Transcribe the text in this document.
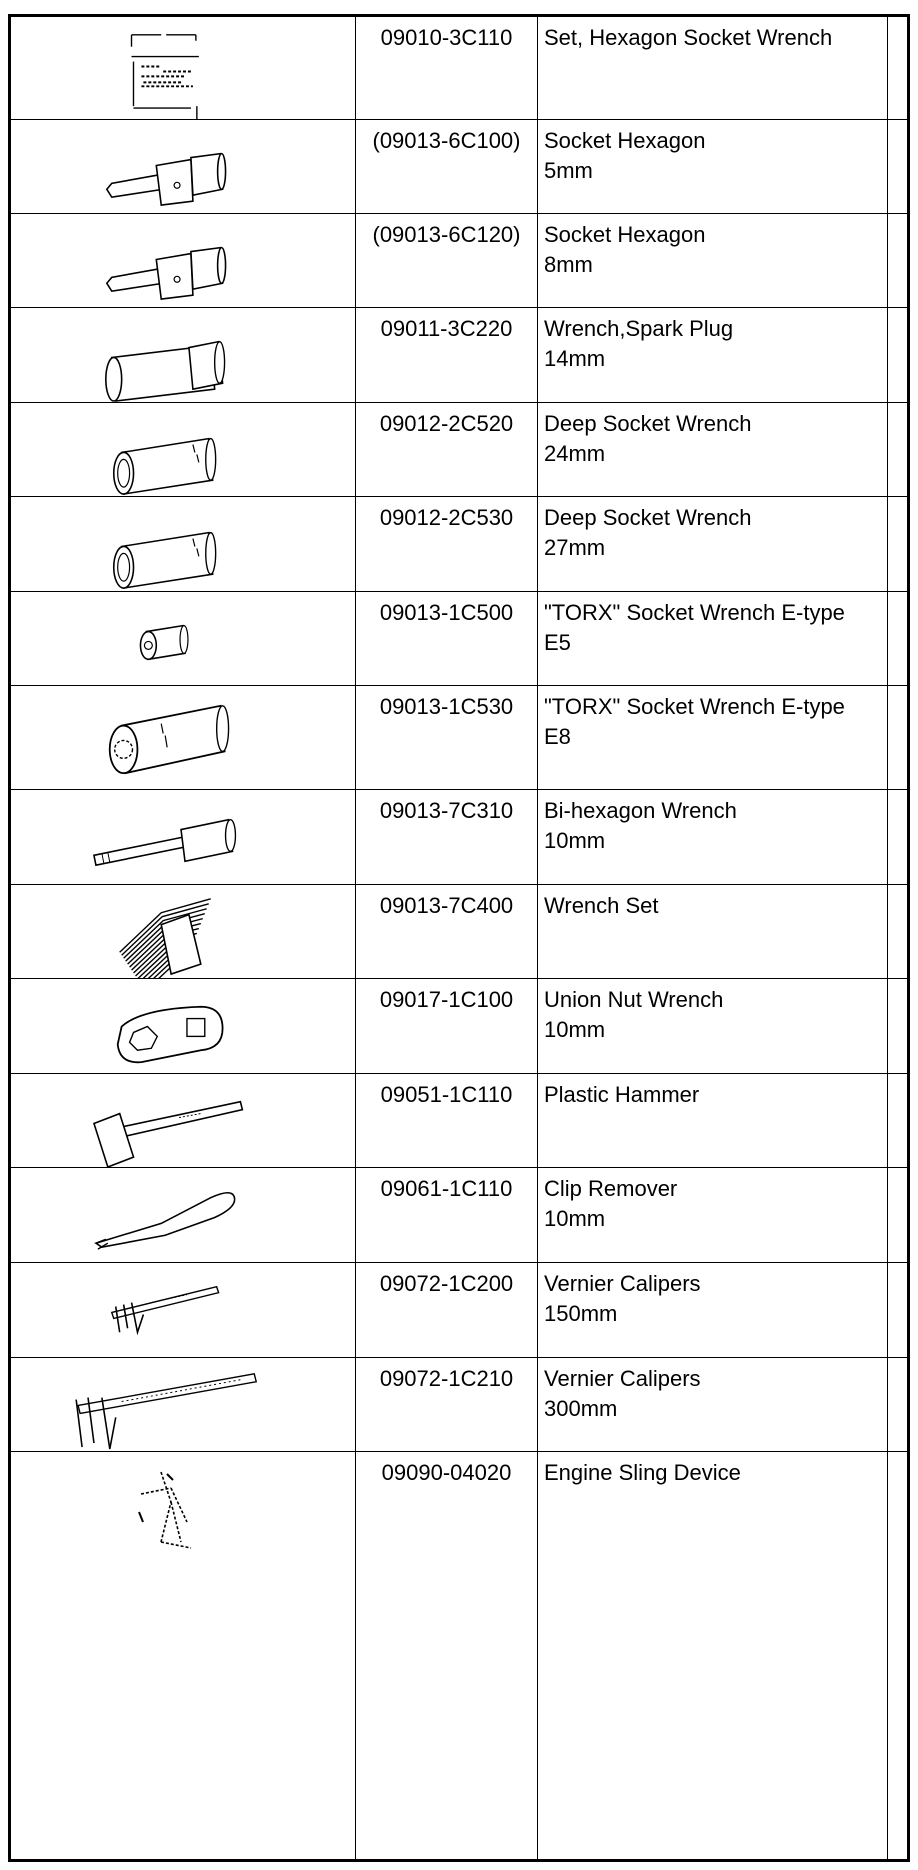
09010-3C110	Set, Hexagon Socket Wrench
(09013-6C100)	Socket Hexagon
5mm
(09013-6C120)	Socket Hexagon
8mm
09011-3C220	Wrench,Spark Plug
14mm
09012-2C520	Deep Socket Wrench
24mm
09012-2C530	Deep Socket Wrench
27mm
09013-1C500	"TORX" Socket Wrench E-type
E5
09013-1C530	"TORX" Socket Wrench E-type
E8
09013-7C310	Bi-hexagon Wrench
10mm
09013-7C400	Wrench Set
09017-1C100	Union Nut Wrench
10mm
09051-1C110	Plastic Hammer
09061-1C110	Clip Remover
10mm
09072-1C200	Vernier Calipers
150mm
09072-1C210	Vernier Calipers
300mm
09090-04020	Engine Sling Device
